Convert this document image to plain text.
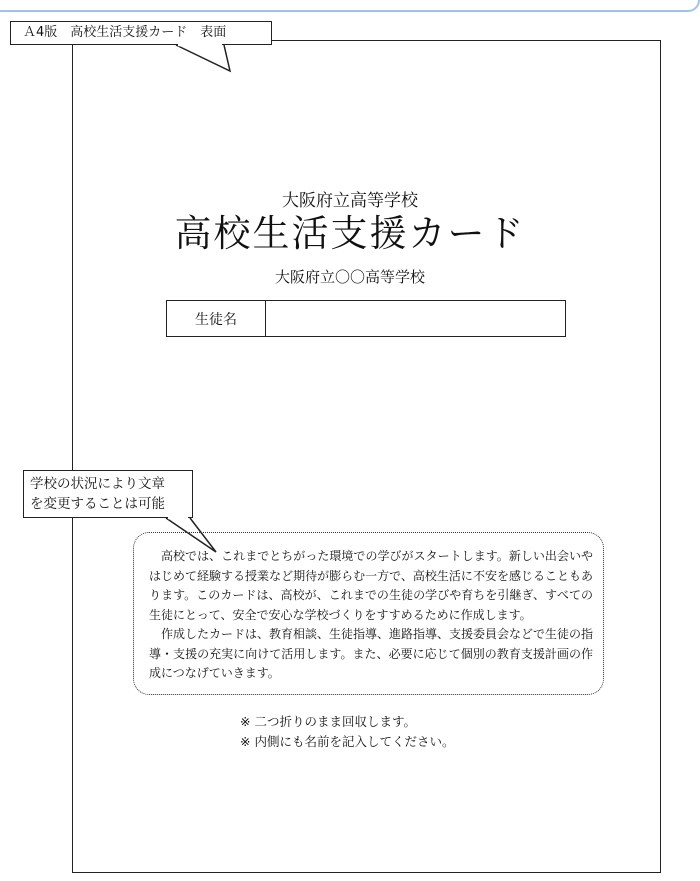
Ａ4版　高校生活支援カード　表面
大阪府立高等学校
高校生活支援カード
大阪府立〇〇高等学校
生徒名
学校の状況により文章
を変更することは可能

高校では、これまでとちがった環境での学びがスタートします。新しい出会いやはじめて経験する授業など期待が膨らむ一方で、高校生活に不安を感じることもあります。このカードは、高校が、これまでの生徒の学びや育ちを引継ぎ、すべての生徒にとって、安全で安心な学校づくりをすすめるために作成します。

作成したカードは、教育相談、生徒指導、進路指導、支援委員会などで生徒の指導・支援の充実に向けて活用します。また、必要に応じて個別の教育支援計画の作成につなげていきます。

※ 二つ折りのまま回収します。
※ 内側にも名前を記入してください。
